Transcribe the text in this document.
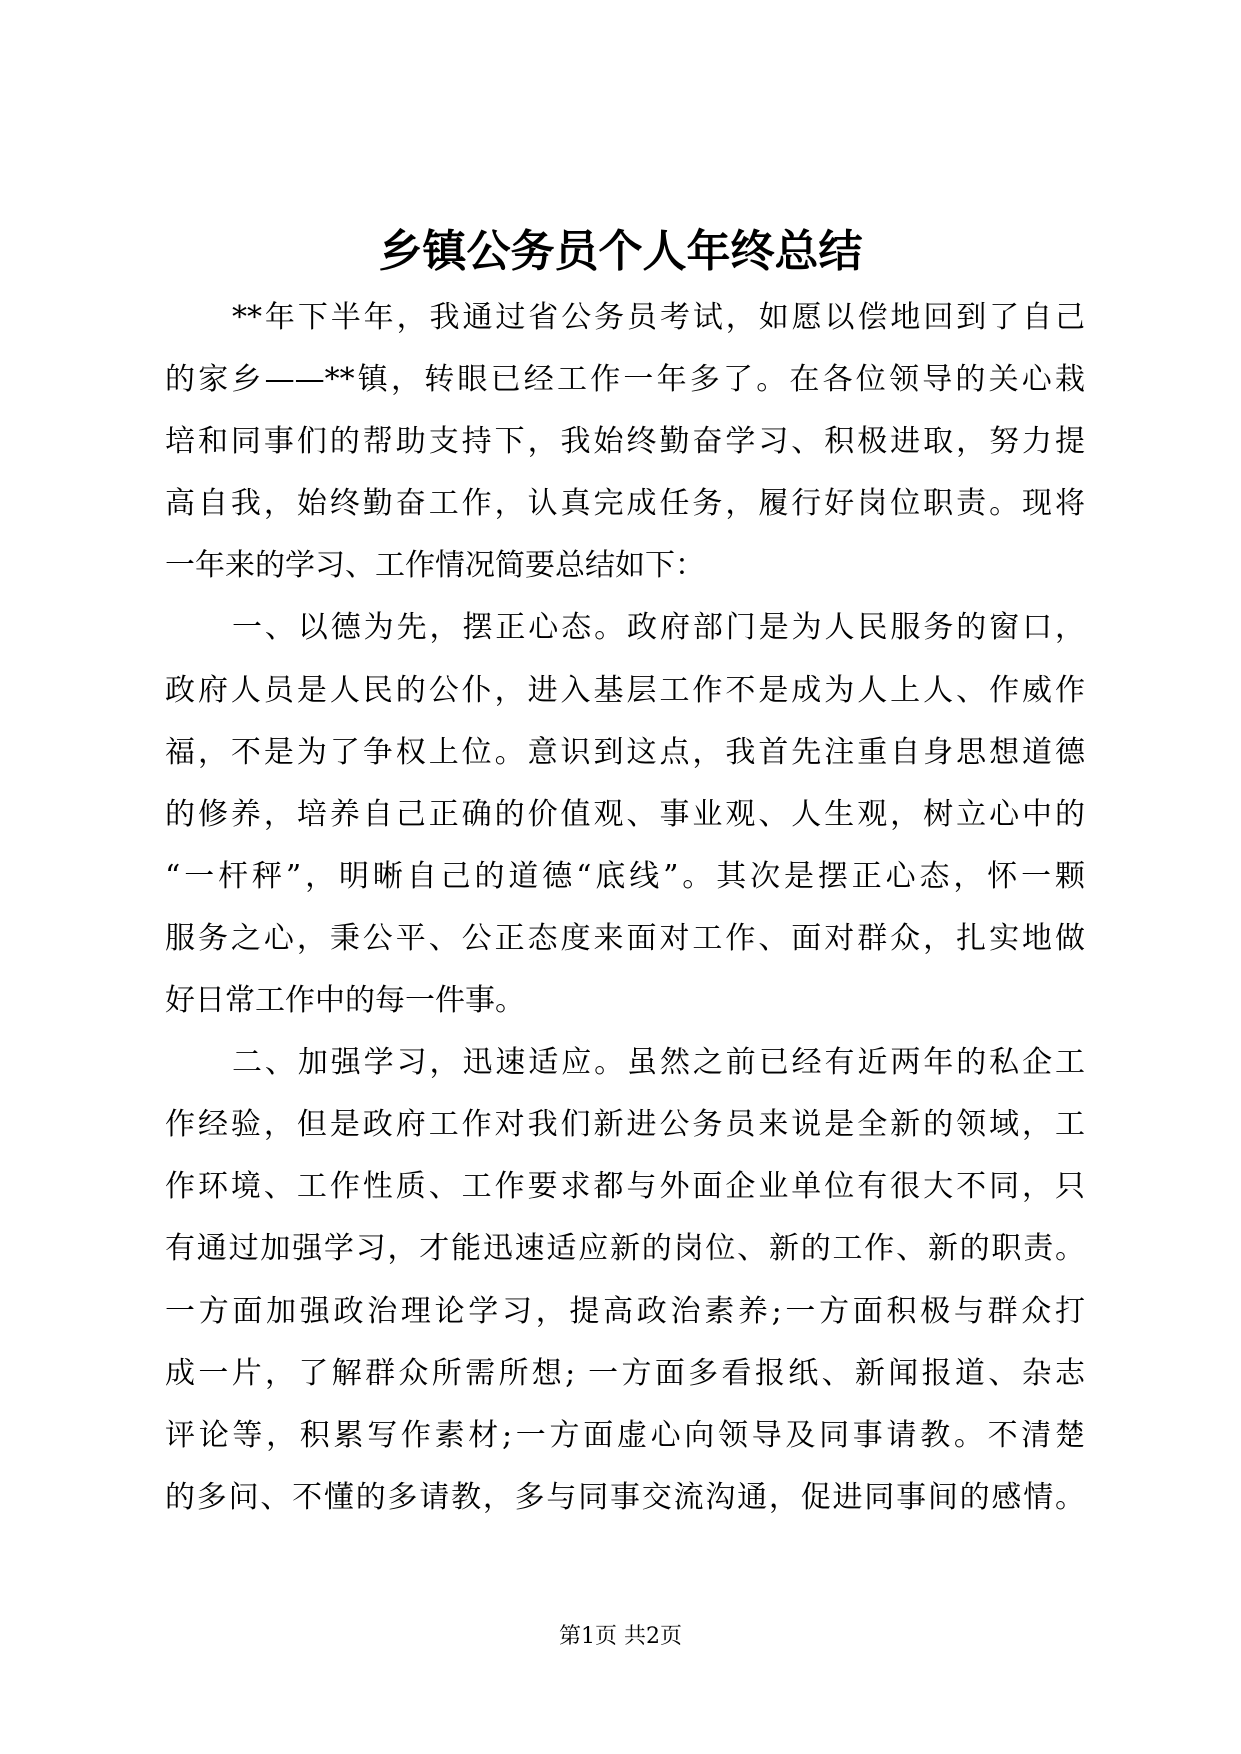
乡镇公务员个人年终总结
**年下半年，我通过省公务员考试，如愿以偿地回到了自己
的家乡——**镇，转眼已经工作一年多了。在各位领导的关心栽
培和同事们的帮助支持下，我始终勤奋学习、积极进取，努力提
高自我，始终勤奋工作，认真完成任务，履行好岗位职责。现将
一年来的学习、工作情况简要总结如下：
一、以德为先，摆正心态。政府部门是为人民服务的窗口，
政府人员是人民的公仆，进入基层工作不是成为人上人、作威作
福，不是为了争权上位。意识到这点，我首先注重自身思想道德
的修养，培养自己正确的价值观、事业观、人生观，树立心中的
“一杆秤”，明晰自己的道德“底线”。其次是摆正心态，怀一颗
服务之心，秉公平、公正态度来面对工作、面对群众，扎实地做
好日常工作中的每一件事。
二、加强学习，迅速适应。虽然之前已经有近两年的私企工
作经验，但是政府工作对我们新进公务员来说是全新的领域，工
作环境、工作性质、工作要求都与外面企业单位有很大不同，只
有通过加强学习，才能迅速适应新的岗位、新的工作、新的职责。
一方面加强政治理论学习，提高政治素养;一方面积极与群众打
成一片，了解群众所需所想; 一方面多看报纸、新闻报道、杂志
评论等，积累写作素材;一方面虚心向领导及同事请教。不清楚
的多问、不懂的多请教，多与同事交流沟通，促进同事间的感情。
第1页 共2页
